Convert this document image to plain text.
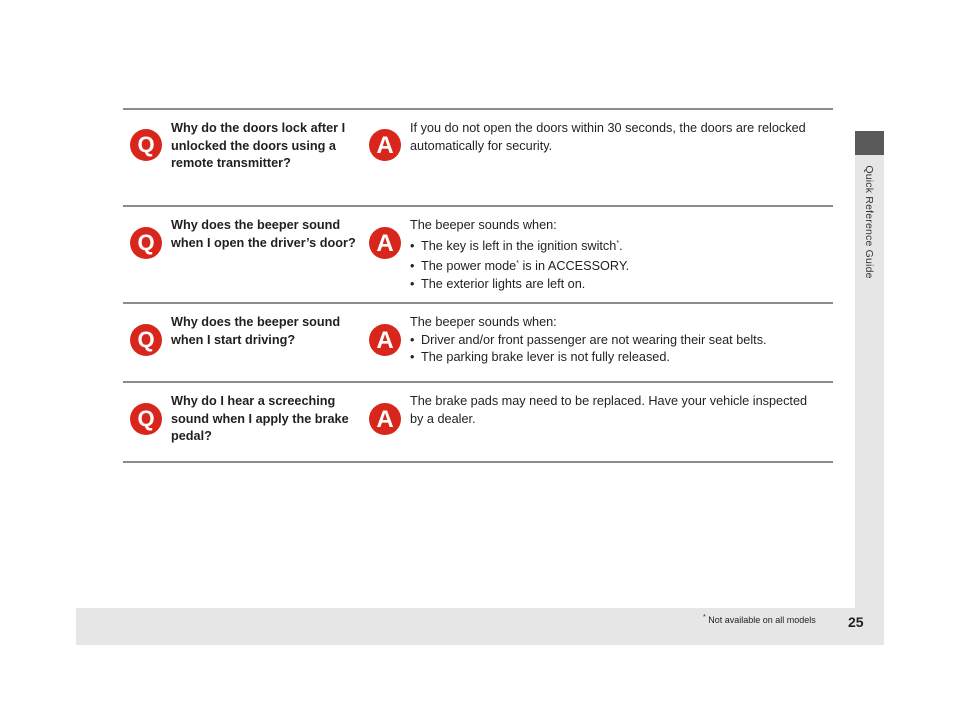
Quick Reference Guide
Q
Why do the doors lock after I unlocked the doors using a remote transmitter?
A
If you do not open the doors within 30 seconds, the doors are relocked automatically for security.
Q
Why does the beeper sound when I open the driver’s door? A
The beeper sounds when:
• The key is left in the ignition switch*.
• The power mode* is in ACCESSORY.
• The exterior lights are left on.
Q
Why does the beeper sound when I start driving?	A
The beeper sounds when:
• Driver and/or front passenger are not wearing their seat belts.
• The parking brake lever is not fully released.
Q
Why do I hear a screeching sound when I apply the brake pedal?
A
The brake pads may need to be replaced. Have your vehicle inspected by a dealer.
* Not available on all models 25
